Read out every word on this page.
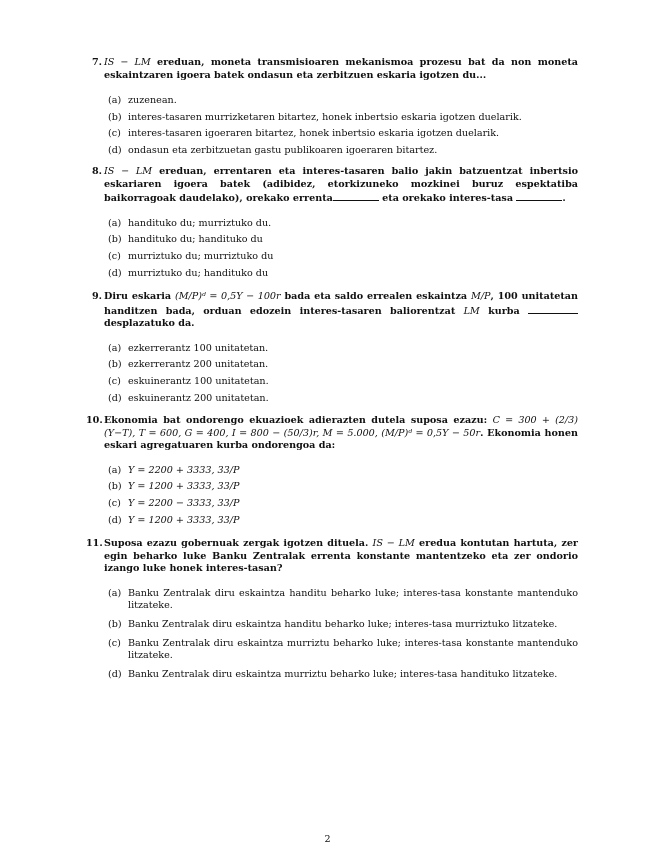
7. IS − LM ereduan, moneta transmisioaren mekanismoa prozesu bat da non moneta eskaintzaren igoera batek ondasun eta zerbitzuen eskaria igotzen du...
(a) zuzenean.
(b) interes-tasaren murrizketaren bitartez, honek inbertsio eskaria igotzen duelarik.
(c) interes-tasaren igoeraren bitartez, honek inbertsio eskaria igotzen duelarik.
(d) ondasun eta zerbitzuetan gastu publikoaren igoeraren bitartez.
8. IS − LM ereduan, errentaren eta interes-tasaren balio jakin batzuentzat inbertsio eskariaren igoera batek (adibidez, etorkizuneko mozkinei buruz espektatiba baikorragoak daudelako), orekako errenta	eta orekako interes-tasa	.
(a) handituko du; murriztuko du.
(b) handituko du; handituko du
(c) murriztuko du; murriztuko du
(d) murriztuko du; handituko du
9. Diru eskaria (M/P)ᵈ = 0,5Y − 100r bada eta saldo errealen eskaintza M/P, 100 unitatetan handitzen bada, orduan edozein interes-tasaren baliorentzat LM kurba  desplazatuko da.
(a) ezkerrerantz 100 unitatetan.
(b) ezkerrerantz 200 unitatetan.
(c) eskuinerantz 100 unitatetan.
(d) eskuinerantz 200 unitatetan.
10. Ekonomia bat ondorengo ekuazioek adierazten dutela suposa ezazu: C = 300 + (2/3)(Y−T), T = 600, G = 400, I = 800 − (50/3)r, M = 5.000, (M/P)ᵈ = 0,5Y − 50r. Ekonomia honen eskari agregatuaren kurba ondorengoa da:
(a) Y = 2200 + 3333, 33/P
(b) Y = 1200 + 3333, 33/P
(c) Y = 2200 − 3333, 33/P
(d) Y = 1200 + 3333, 33/P
11. Suposa ezazu gobernuak zergak igotzen dituela. IS − LM eredua kontutan hartuta, zer egin beharko luke Banku Zentralak errenta konstante mantentzeko eta zer ondorio izango luke honek interes-tasan?
(a) Banku Zentralak diru eskaintza handitu beharko luke; interes-tasa konstante mantenduko litzateke.
(b) Banku Zentralak diru eskaintza handitu beharko luke; interes-tasa murriztuko litzateke.
(c) Banku Zentralak diru eskaintza murriztu beharko luke; interes-tasa konstante mantenduko litzateke.
(d) Banku Zentralak diru eskaintza murriztu beharko luke; interes-tasa handituko litzateke.
2
